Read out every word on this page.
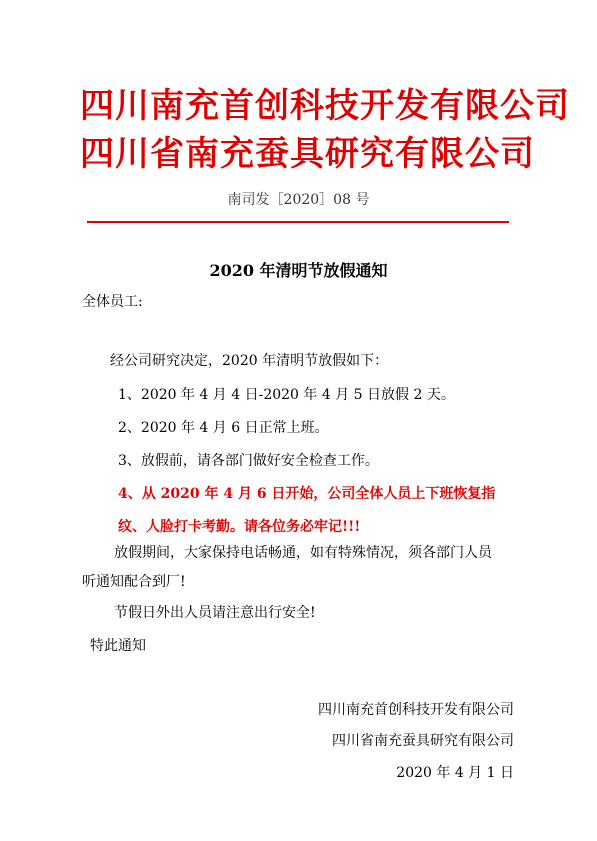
四川南充首创科技开发有限公司
四川省南充蚕具研究有限公司
南司发［2020］08 号
2020 年清明节放假通知
全体员工:
经公司研究决定，2020 年清明节放假如下：
1、2020 年 4 月 4 日-2020 年 4 月 5 日放假 2 天。
2、2020 年 4 月 6 日正常上班。
3、放假前，请各部门做好安全检查工作。
4、从 2020 年 4 月 6 日开始，公司全体人员上下班恢复指
纹、人脸打卡考勤。请各位务必牢记!!!
放假期间，大家保持电话畅通，如有特殊情况，须各部门人员
听通知配合到厂!
节假日外出人员请注意出行安全!
特此通知
四川南充首创科技开发有限公司
四川省南充蚕具研究有限公司
2020 年 4 月 1 日
